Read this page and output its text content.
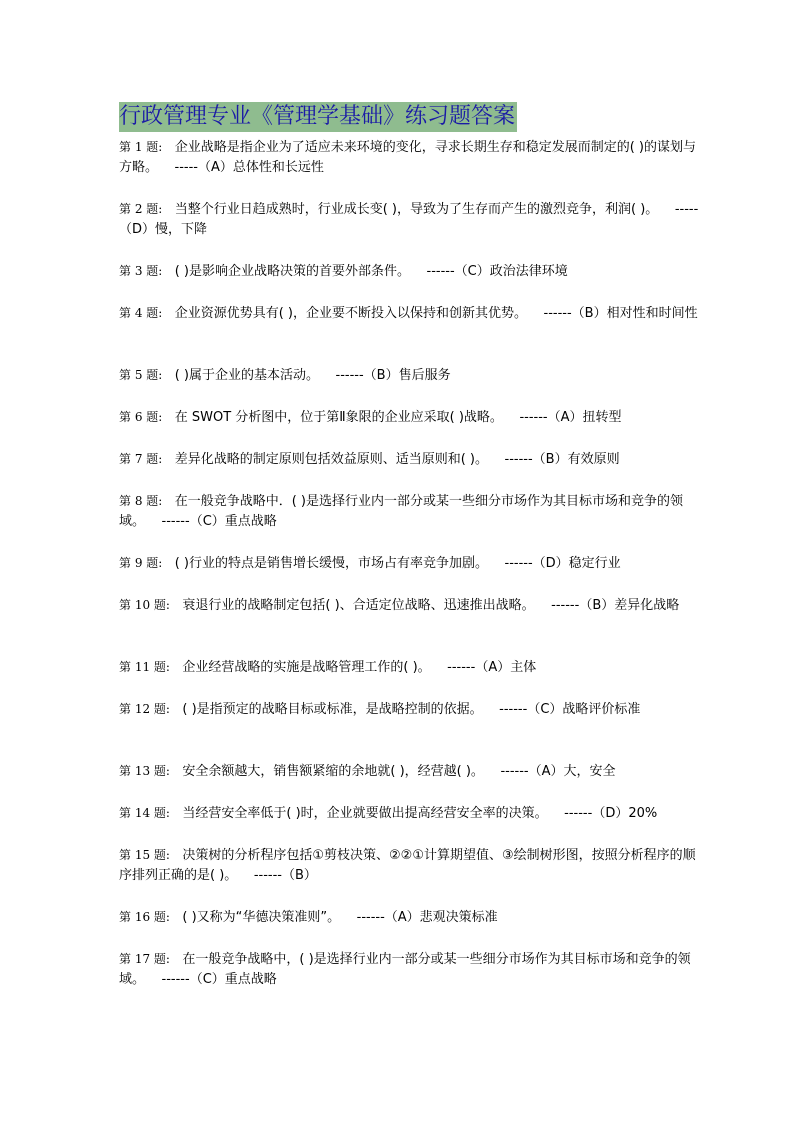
行政管理专业《管理学基础》练习题答案
第 1 题: 企业战略是指企业为了适应未来环境的变化，寻求长期生存和稳定发展而制定的( )的谋划与方略。 -----（A）总体性和长远性
第 2 题: 当整个行业日趋成熟时，行业成长变( )，导致为了生存而产生的激烈竞争，利润( )。 -----（D）慢，下降
第 3 题: ( )是影响企业战略决策的首要外部条件。 ------（C）政治法律环境
第 4 题: 企业资源优势具有( )，企业要不断投入以保持和创新其优势。 ------（B）相对性和时间性
第 5 题: ( )属于企业的基本活动。 ------（B）售后服务
第 6 题: 在 SWOT 分析图中，位于第Ⅱ象限的企业应采取( )战略。 ------（A）扭转型
第 7 题: 差异化战略的制定原则包括效益原则、适当原则和( )。 ------（B）有效原则
第 8 题: 在一般竞争战略中．( )是选择行业内一部分或某一些细分市场作为其目标市场和竞争的领域。 ------（C）重点战略
第 9 题: ( )行业的特点是销售增长缓慢，市场占有率竞争加剧。 ------（D）稳定行业
第 10 题: 衰退行业的战略制定包括( )、合适定位战略、迅速推出战略。 ------（B）差异化战略
第 11 题: 企业经营战略的实施是战略管理工作的( )。 ------（A）主体
第 12 题: ( )是指预定的战略目标或标准，是战略控制的依据。 ------（C）战略评价标准
第 13 题: 安全余额越大，销售额紧缩的余地就( )，经营越( )。 ------（A）大，安全
第 14 题: 当经营安全率低于( )时，企业就要做出提高经营安全率的决策。 ------（D）20%
第 15 题: 决策树的分析程序包括①剪枝决策、②②①计算期望值、③绘制树形图，按照分析程序的顺序排列正确的是( )。 ------（B）
第 16 题: ( )又称为“华德决策准则”。 ------（A）悲观决策标准
第 17 题: 在一般竞争战略中，( )是选择行业内一部分或某一些细分市场作为其目标市场和竞争的领域。 ------（C）重点战略
